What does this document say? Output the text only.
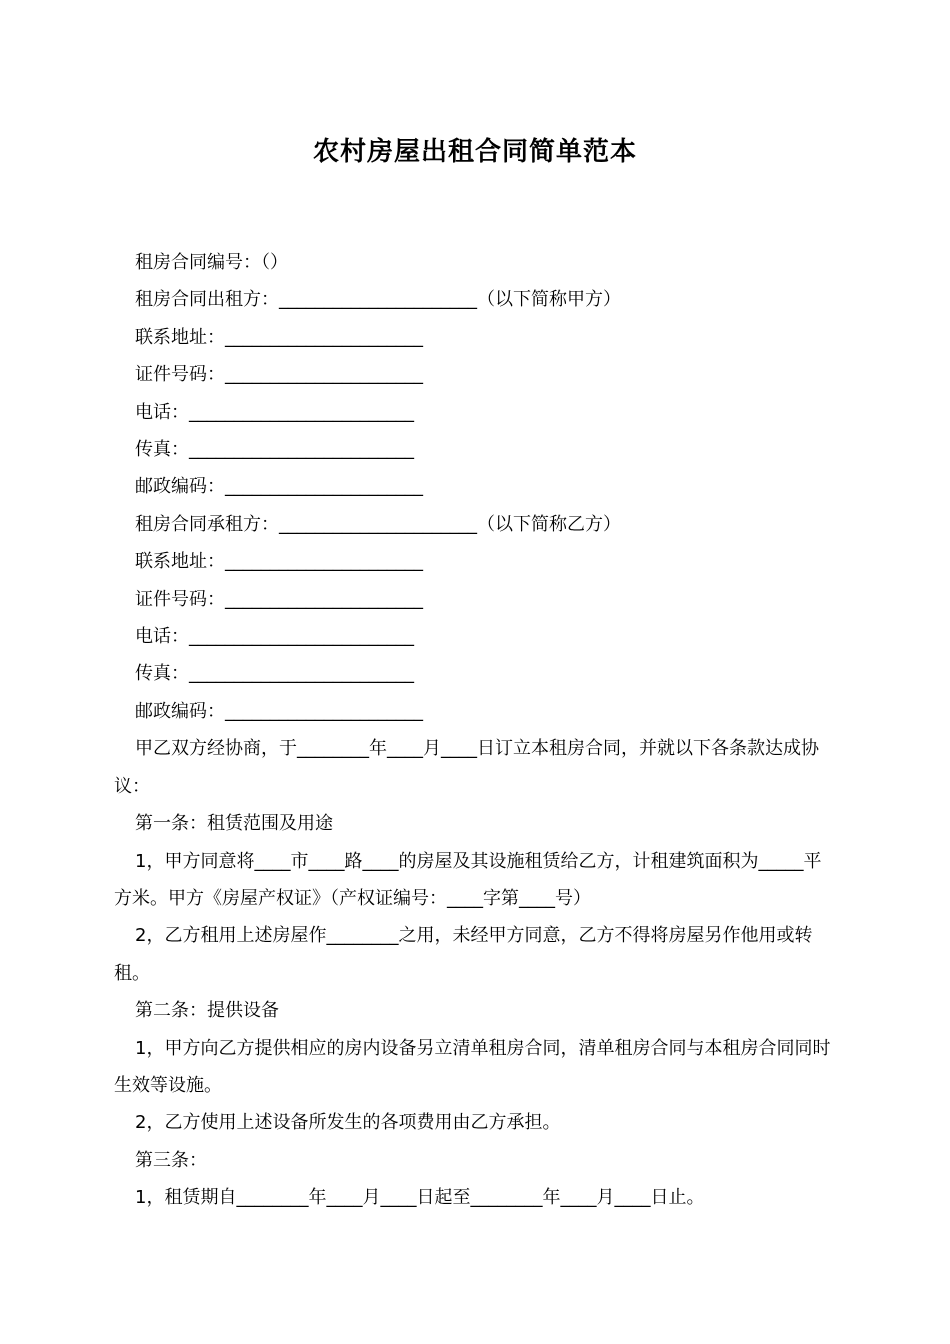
农村房屋出租合同简单范本

租房合同编号：（）

租房合同出租方：______________________（以下简称甲方）

联系地址：______________________

证件号码：______________________

电话：_________________________

传真：_________________________

邮政编码：______________________

租房合同承租方：______________________（以下简称乙方）

联系地址：______________________

证件号码：______________________

电话：_________________________

传真：_________________________

邮政编码：______________________

甲乙双方经协商，于________年____月____日订立本租房合同，并就以下各条款达成协议：

第一条：租赁范围及用途

1，甲方同意将____市____路____的房屋及其设施租赁给乙方，计租建筑面积为_____平方米。甲方《房屋产权证》（产权证编号：____字第____号）

2，乙方租用上述房屋作________之用，未经甲方同意，乙方不得将房屋另作他用或转租。

第二条：提供设备

1，甲方向乙方提供相应的房内设备另立清单租房合同，清单租房合同与本租房合同同时生效等设施。

2，乙方使用上述设备所发生的各项费用由乙方承担。

第三条：

1，租赁期自________年____月____日起至________年____月____日止。
